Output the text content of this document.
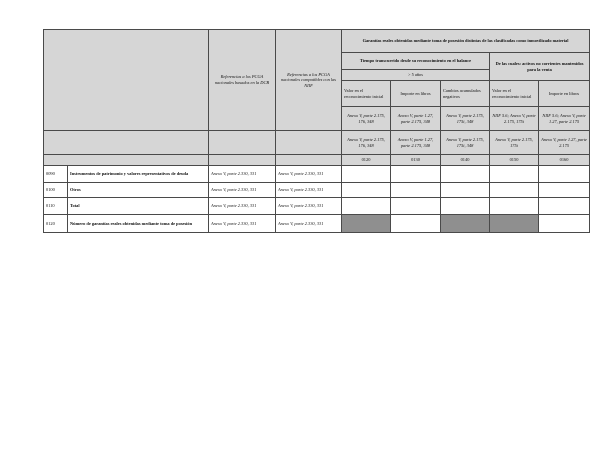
		Referencias a los PCGA nacionales basados en la DCB	Referencias a los PCGA nacionales compatibles con las NIIF	Garantías reales obtenidas mediante toma de posesión distintas de las clasificadas como inmovilizado material				
				Tiempo transcurrido desde su reconocimiento en el balance			De las cuales: activos no corrientes mantenidos para la venta	
				> 5 años				
				Valor en el reconocimiento inicial	Importe en libros	Cambios acumulados negativos	Valor en el reconocimiento inicial	Importe en libros
				Anexo V, parte 2.175, 176, 348	Anexo V, parte 1.27, parte 2.175, 348	Anexo V, parte 2.175, 175i, 348	NIIF 5.6; Anexo V, parte 2.175, 175i	NIIF 5.6; Anexo V, parte 1.27, parte 2.175
				Anexo V, parte 2.175, 176, 348	Anexo V, parte 1.27, parte 2.175, 348	Anexo V, parte 2.175, 175i, 348	Anexo V, parte 2.175, 175i	Anexo V, parte 1.27, parte 2.175
				0120	0130	0140	0150	0160
0090	Instrumentos de patrimonio y valores representativos de deuda	Anexo V, parte 2.330, 331	Anexo V, parte 2.330, 331					
0100	Otros	Anexo V, parte 2.330, 331	Anexo V, parte 2.330, 331					
0110	Total	Anexo V, parte 2.330, 331	Anexo V, parte 2.330, 331					
0120	Número de garantías reales obtenidas mediante toma de posesión	Anexo V, parte 2.330, 331	Anexo V, parte 2.330, 331					
